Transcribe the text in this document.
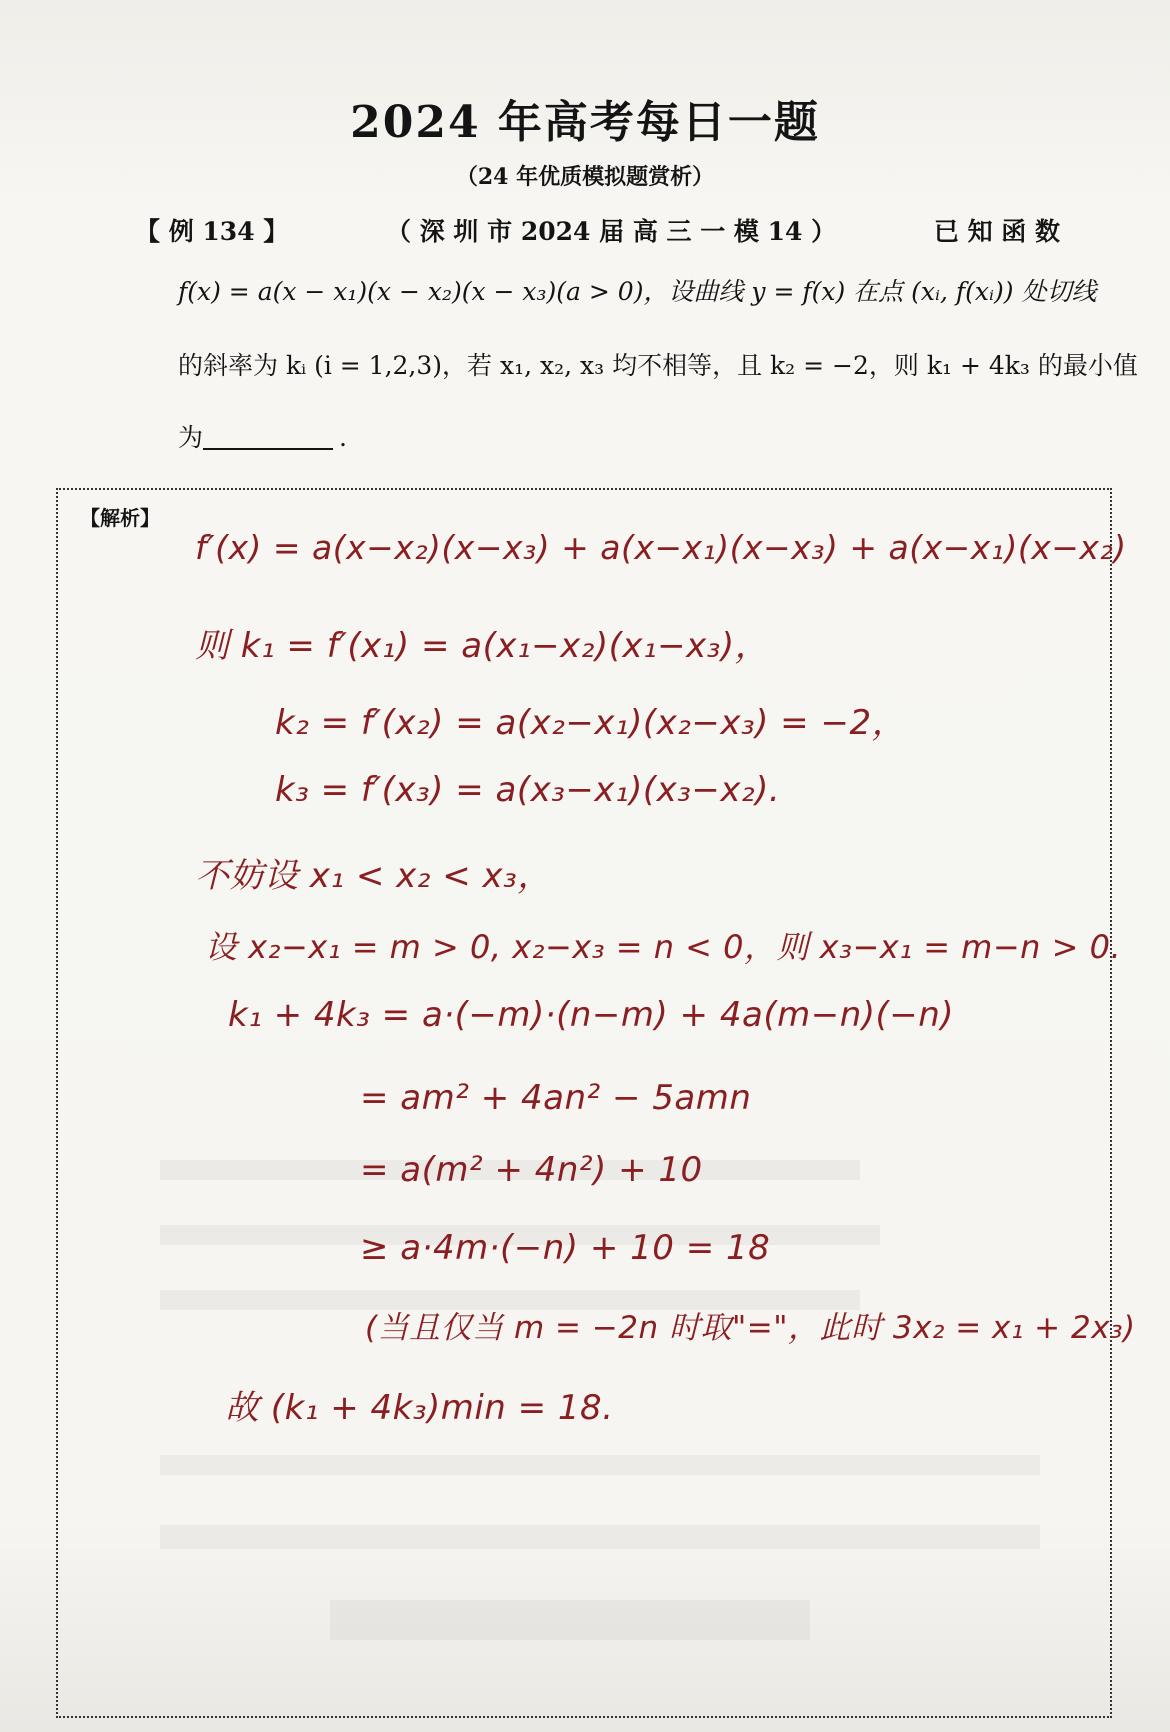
2024 年高考每日一题
（24 年优质模拟题赏析）
【 例 134 】	（ 深 圳 市 2024 届 高 三 一 模 14 ）	已 知 函 数
f(x) = a(x − x₁)(x − x₂)(x − x₃)(a > 0)，设曲线 y = f(x) 在点 (xᵢ, f(xᵢ)) 处切线
的斜率为 kᵢ (i = 1,2,3)，若 x₁, x₂, x₃ 均不相等，且 k₂ = −2，则 k₁ + 4k₃ 的最小值
为	.
【解析】
f′(x) = a(x−x₂)(x−x₃) + a(x−x₁)(x−x₃) + a(x−x₁)(x−x₂)
则 k₁ = f′(x₁) = a(x₁−x₂)(x₁−x₃)，
k₂ = f′(x₂) = a(x₂−x₁)(x₂−x₃) = −2，
k₃ = f′(x₃) = a(x₃−x₁)(x₃−x₂).
不妨设 x₁ < x₂ < x₃，
设 x₂−x₁ = m > 0, x₂−x₃ = n < 0，则 x₃−x₁ = m−n > 0.
k₁ + 4k₃ = a·(−m)·(n−m) + 4a(m−n)(−n)
= am² + 4an² − 5amn
= a(m² + 4n²) + 10
≥ a·4m·(−n) + 10 = 18
(当且仅当 m = −2n 时取"="，此时 3x₂ = x₁ + 2x₃)
故 (k₁ + 4k₃)min = 18.
